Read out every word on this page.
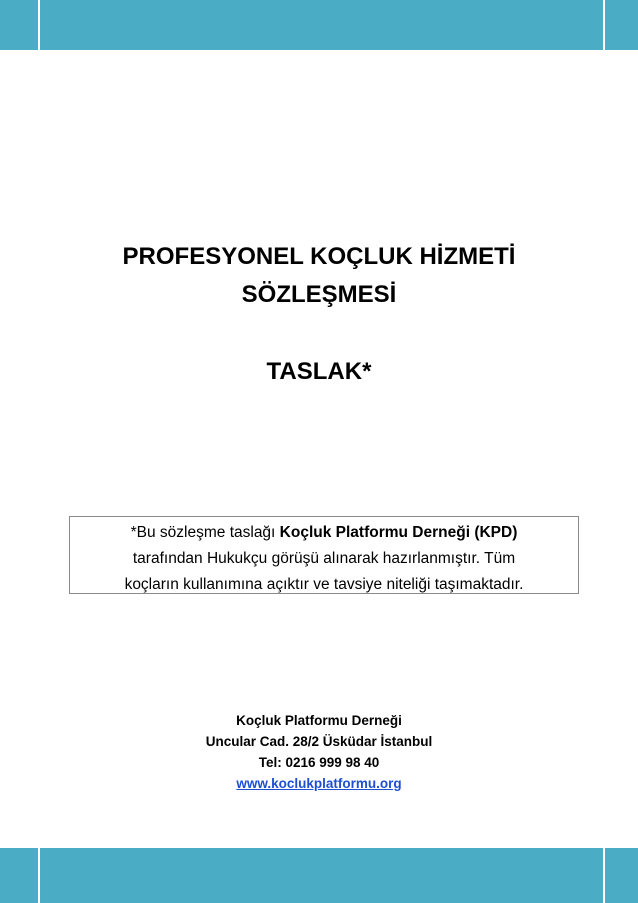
PROFESYONEL KOÇLUK HİZMETİ
SÖZLEŞMESİ
TASLAK*
*Bu sözleşme taslağı Koçluk Platformu Derneği (KPD)
tarafından Hukukçu görüşü alınarak hazırlanmıştır. Tüm
koçların kullanımına açıktır ve tavsiye niteliği taşımaktadır.
Koçluk Platformu Derneği
Uncular Cad. 28/2 Üsküdar İstanbul
Tel: 0216 999 98 40
www.koclukplatformu.org
